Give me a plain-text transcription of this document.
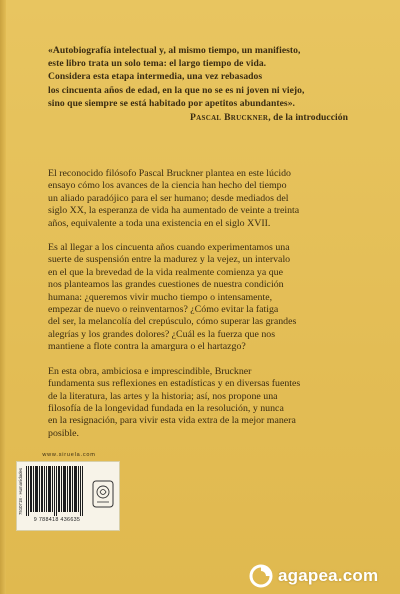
«Autobiografía intelectual y, al mismo tiempo, un manifiesto,
este libro trata un solo tema: el largo tiempo de vida.
Considera esta etapa intermedia, una vez rebasados
los cincuenta años de edad, en la que no se es ni joven ni viejo,
sino que siempre se está habitado por apetitos abundantes».
Pascal Bruckner, de la introducción

El reconocido filósofo Pascal Bruckner plantea en este lúcido
ensayo cómo los avances de la ciencia han hecho del tiempo
un aliado paradójico para el ser humano; desde mediados del
siglo XX, la esperanza de vida ha aumentado de veinte a treinta
años, equivalente a toda una existencia en el siglo XVII.

Es al llegar a los cincuenta años cuando experimentamos una
suerte de suspensión entre la madurez y la vejez, un intervalo
en el que la brevedad de la vida realmente comienza ya que
nos planteamos las grandes cuestiones de nuestra condición
humana: ¿queremos vivir mucho tiempo o intensamente,
empezar de nuevo o reinventarnos? ¿Cómo evitar la fatiga
del ser, la melancolía del crepúsculo, cómo superar las grandes
alegrías y los grandes dolores? ¿Cuál es la fuerza que nos
mantiene a flote contra la amargura o el hartazgo?

En esta obra, ambiciosa e imprescindible, Bruckner
fundamenta sus reflexiones en estadísticas y en diversas fuentes
de la literatura, las artes y la historia; así, nos propone una
filosofía de la longevidad fundada en la resolución, y nunca
en la resignación, para vivir esta vida extra de la mejor manera
posible.

www.siruela.com
7510718 · Humanidades
9 788418 436635
agapea.com
